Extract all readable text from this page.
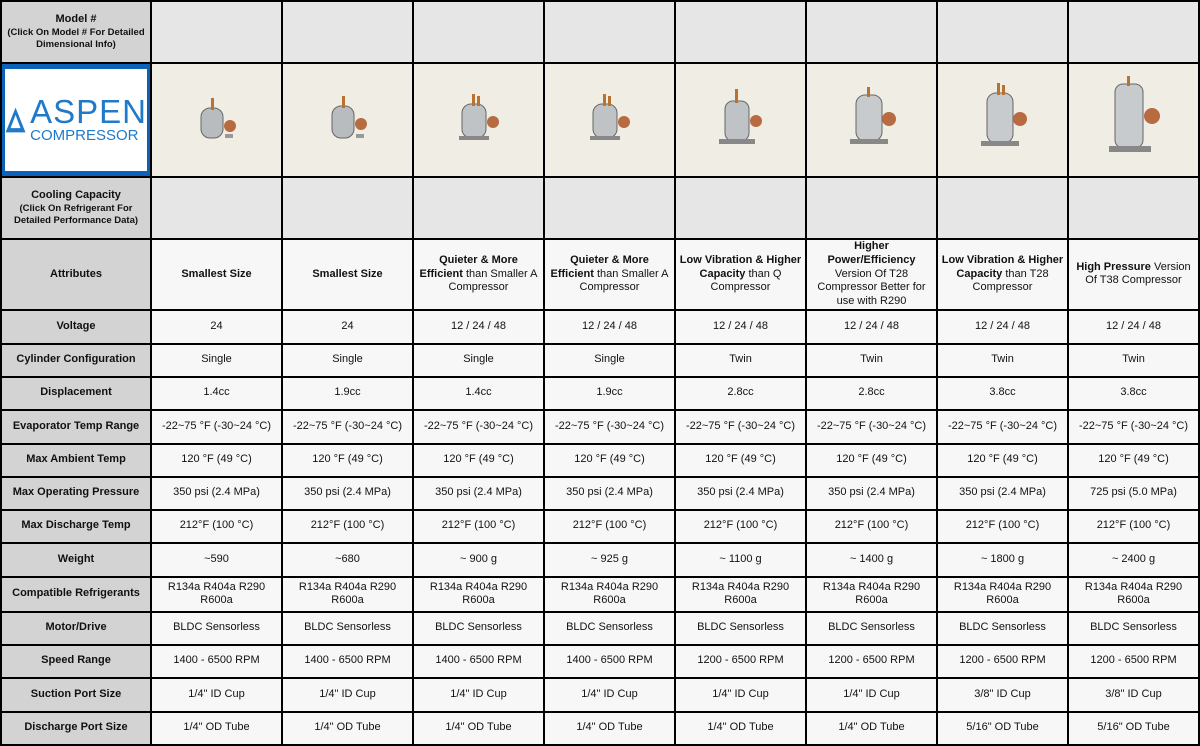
Model #

(Click On Model # For Detailed Dimensional Info)								

ASPEN
COMPRESSOR

Cooling Capacity

(Click On Refrigerant For Detailed Performance Data)								

Attributes	Smallest Size	Smallest Size	Quieter & More Efficient than Smaller A Compressor	Quieter & More Efficient than Smaller A Compressor	Low Vibration & Higher Capacity than Q Compressor	Higher Power/Efficiency Version Of T28 Compressor Better for use with R290	Low Vibration & Higher Capacity than T28 Compressor	High Pressure Version Of T38 Compressor
Voltage	24	24	12 / 24 / 48	12 / 24 / 48	12 / 24 / 48	12 / 24 / 48	12 / 24 / 48	12 / 24 / 48
Cylinder Configuration	Single	Single	Single	Single	Twin	Twin	Twin	Twin
Displacement	1.4cc	1.9cc	1.4cc	1.9cc	2.8cc	2.8cc	3.8cc	3.8cc
Evaporator Temp Range	-22~75 °F (-30~24 °C)	-22~75 °F (-30~24 °C)	-22~75 °F (-30~24 °C)	-22~75 °F (-30~24 °C)	-22~75 °F (-30~24 °C)	-22~75 °F (-30~24 °C)	-22~75 °F (-30~24 °C)	-22~75 °F (-30~24 °C)
Max Ambient Temp	120 °F (49 °C)	120 °F (49 °C)	120 °F (49 °C)	120 °F (49 °C)	120 °F (49 °C)	120 °F (49 °C)	120 °F (49 °C)	120 °F (49 °C)
Max Operating Pressure	350 psi (2.4 MPa)	350 psi (2.4 MPa)	350 psi (2.4 MPa)	350 psi (2.4 MPa)	350 psi (2.4 MPa)	350 psi (2.4 MPa)	350 psi (2.4 MPa)	725 psi (5.0 MPa)
Max Discharge Temp	212°F (100 °C)	212°F (100 °C)	212°F (100 °C)	212°F (100 °C)	212°F (100 °C)	212°F (100 °C)	212°F (100 °C)	212°F (100 °C)
Weight	~590	~680	~ 900 g	~ 925 g	~ 1100 g	~ 1400 g	~ 1800 g	~ 2400 g
Compatible Refrigerants	R134a R404a R290 R600a	R134a R404a R290 R600a	R134a R404a R290 R600a	R134a R404a R290 R600a	R134a R404a R290 R600a	R134a R404a R290 R600a	R134a R404a R290 R600a	R134a R404a R290 R600a
Motor/Drive	BLDC Sensorless	BLDC Sensorless	BLDC Sensorless	BLDC Sensorless	BLDC Sensorless	BLDC Sensorless	BLDC Sensorless	BLDC Sensorless
Speed Range	1400 - 6500 RPM	1400 - 6500 RPM	1400 - 6500 RPM	1400 - 6500 RPM	1200 - 6500 RPM	1200 - 6500 RPM	1200 - 6500 RPM	1200 - 6500 RPM
Suction Port Size	1/4" ID Cup	1/4" ID Cup	1/4" ID Cup	1/4" ID Cup	1/4" ID Cup	1/4" ID Cup	3/8" ID Cup	3/8" ID Cup
Discharge Port Size	1/4" OD Tube	1/4" OD Tube	1/4" OD Tube	1/4" OD Tube	1/4" OD Tube	1/4" OD Tube	5/16" OD Tube	5/16" OD Tube
